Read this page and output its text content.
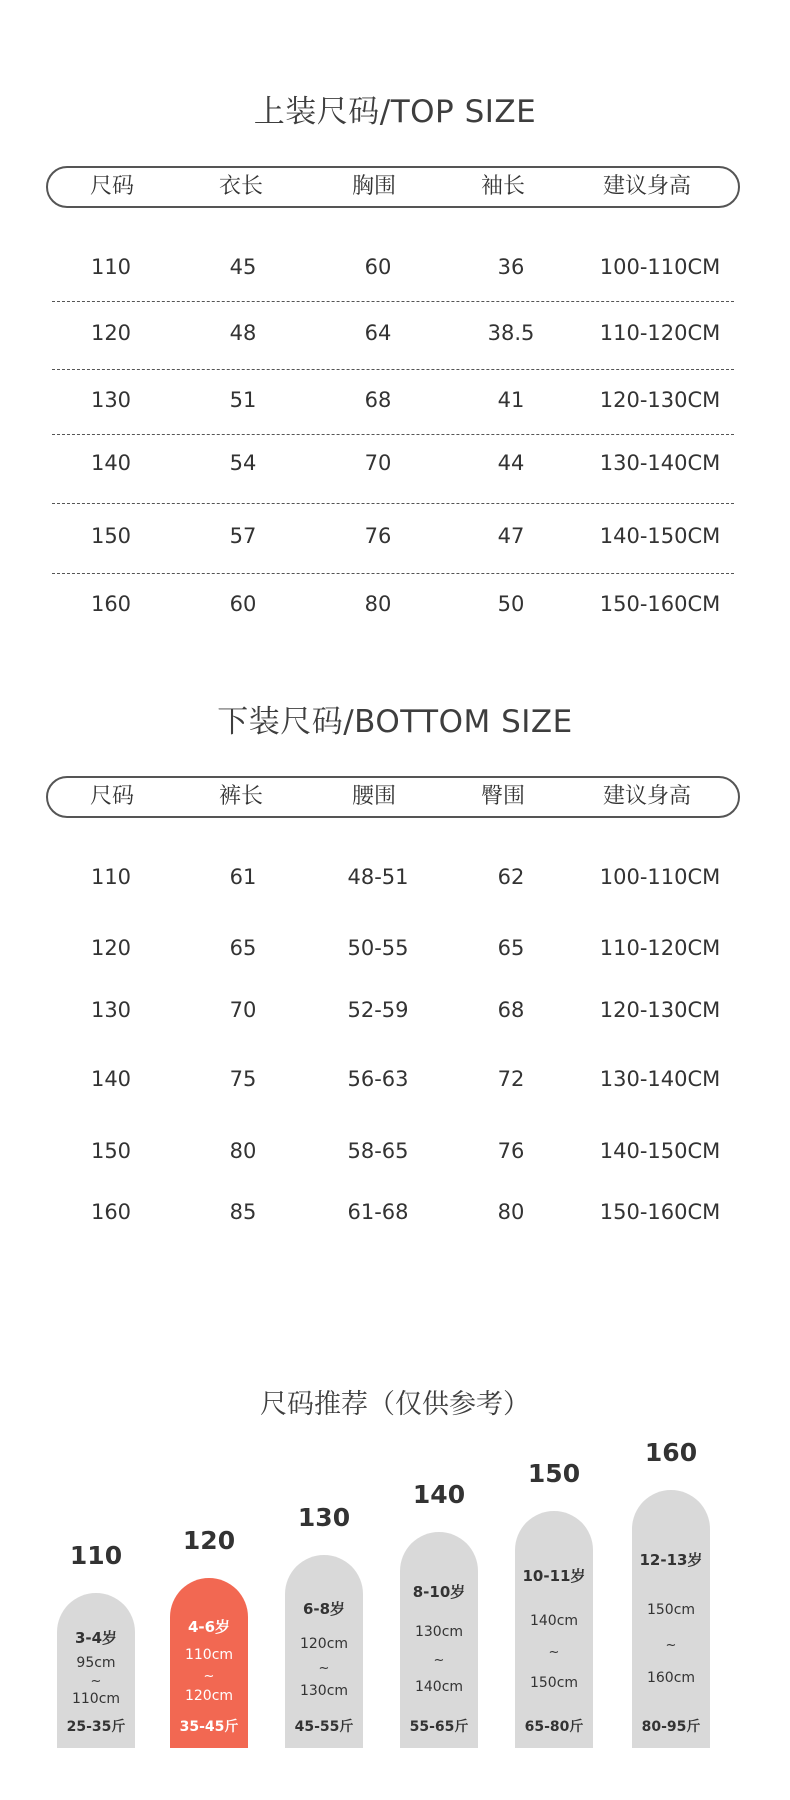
上装尺码/TOP SIZE
尺码	衣长	胸围	袖长	建议身高
110	45	60	36	100-110CM
120	48	64	38.5	110-120CM
130	51	68	41	120-130CM
140	54	70	44	130-140CM
150	57	76	47	140-150CM
160	60	80	50	150-160CM
下装尺码/BOTTOM SIZE
尺码	裤长	腰围	臀围	建议身高
110	61	48-51	62	100-110CM
120	65	50-55	65	110-120CM
130	70	52-59	68	120-130CM
140	75	56-63	72	130-140CM
150	80	58-65	76	140-150CM
160	85	61-68	80	150-160CM
尺码推荐（仅供参考）
110
3-4岁
95cm
~
110cm
25-35斤
120
4-6岁
110cm
~
120cm
35-45斤
130
6-8岁
120cm
~
130cm
45-55斤
140
8-10岁
130cm
~
140cm
55-65斤
150
10-11岁
140cm
~
150cm
65-80斤
160
12-13岁
150cm
~
160cm
80-95斤
